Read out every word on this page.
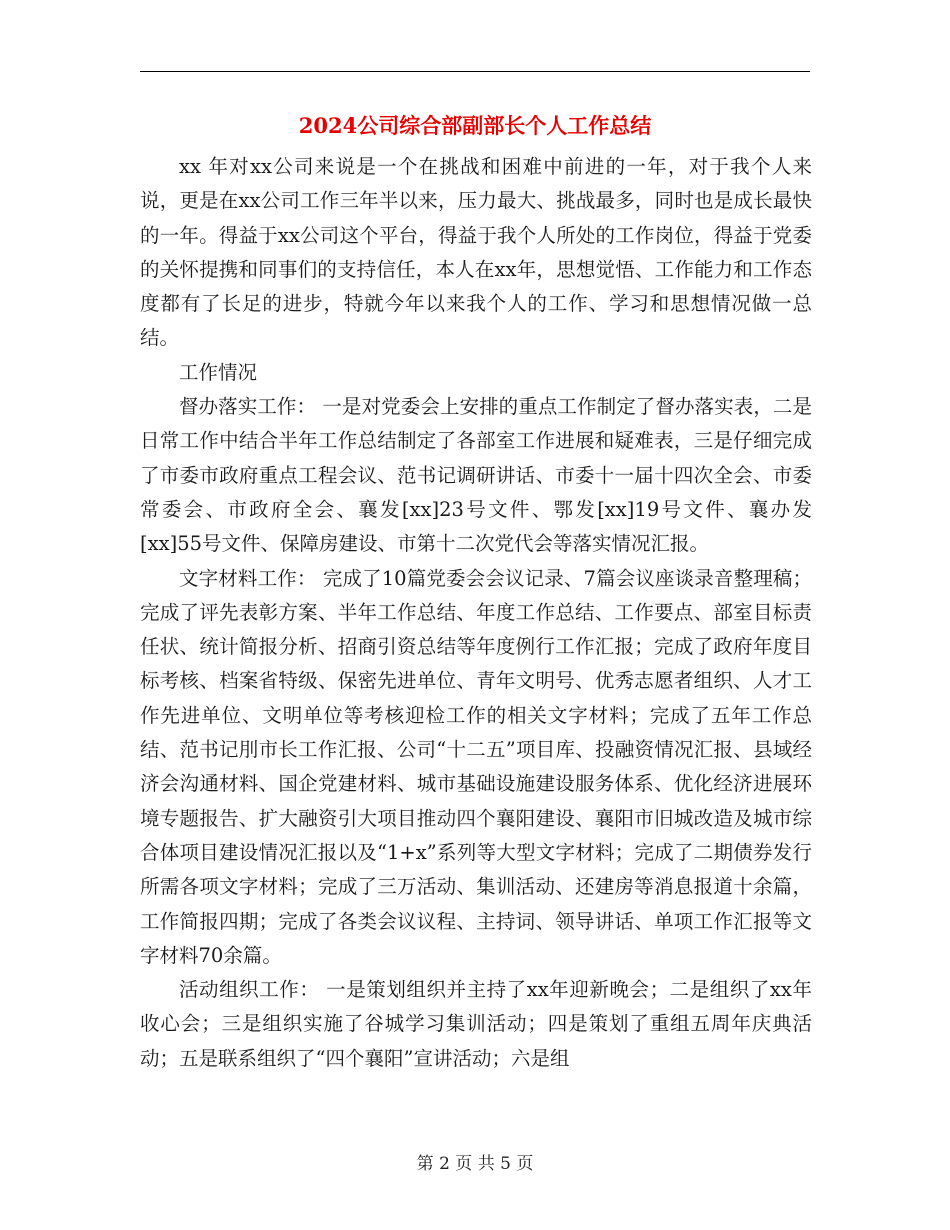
2024公司综合部副部长个人工作总结

xx 年对xx公司来说是一个在挑战和困难中前进的一年，对于我个人来说，更是在xx公司工作三年半以来，压力最大、挑战最多，同时也是成长最快的一年。得益于xx公司这个平台，得益于我个人所处的工作岗位，得益于党委的关怀提携和同事们的支持信任，本人在xx年，思想觉悟、工作能力和工作态度都有了长足的进步，特就今年以来我个人的工作、学习和思想情况做一总结。

工作情况

督办落实工作： 一是对党委会上安排的重点工作制定了督办落实表，二是日常工作中结合半年工作总结制定了各部室工作进展和疑难表，三是仔细完成了市委市政府重点工程会议、范书记调研讲话、市委十一届十四次全会、市委常委会、市政府全会、襄发[xx]23号文件、鄂发[xx]19号文件、襄办发[xx]55号文件、保障房建设、市第十二次党代会等落实情况汇报。

文字材料工作： 完成了10篇党委会会议记录、7篇会议座谈录音整理稿；完成了评先表彰方案、半年工作总结、年度工作总结、工作要点、部室目标责任状、统计简报分析、招商引资总结等年度例行工作汇报；完成了政府年度目标考核、档案省特级、保密先进单位、青年文明号、优秀志愿者组织、人才工作先进单位、文明单位等考核迎检工作的相关文字材料；完成了五年工作总结、范书记刖市长工作汇报、公司“十二五”项目库、投融资情况汇报、县域经济会沟通材料、国企党建材料、城市基础设施建设服务体系、优化经济进展环境专题报告、扩大融资引大项目推动四个襄阳建设、襄阳市旧城改造及城市综合体项目建设情况汇报以及“1+x”系列等大型文字材料；完成了二期债券发行所需各项文字材料；完成了三万活动、集训活动、还建房等消息报道十余篇，工作简报四期；完成了各类会议议程、主持词、领导讲话、单项工作汇报等文字材料70余篇。

活动组织工作： 一是策划组织并主持了xx年迎新晚会；二是组织了xx年收心会；三是组织实施了谷城学习集训活动；四是策划了重组五周年庆典活动；五是联系组织了“四个襄阳”宣讲活动；六是组

第 2 页 共 5 页
